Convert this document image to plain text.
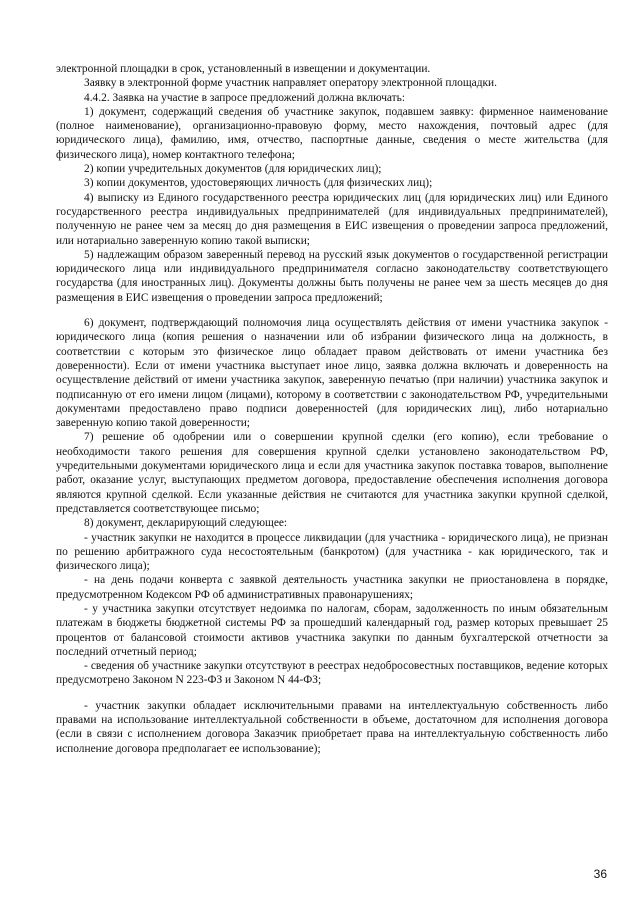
электронной площадки в срок, установленный в извещении и документации.

Заявку в электронной форме участник направляет оператору электронной площадки.

4.4.2. Заявка на участие в запросе предложений должна включать:

1) документ, содержащий сведения об участнике закупок, подавшем заявку: фирменное наименование (полное наименование), организационно-правовую форму, место нахождения, почтовый адрес (для юридического лица), фамилию, имя, отчество, паспортные данные, сведения о месте жительства (для физического лица), номер контактного телефона;

2) копии учредительных документов (для юридических лиц);

3) копии документов, удостоверяющих личность (для физических лиц);

4) выписку из Единого государственного реестра юридических лиц (для юридических лиц) или Единого государственного реестра индивидуальных предпринимателей (для индивидуальных предпринимателей), полученную не ранее чем за месяц до дня размещения в ЕИС извещения о проведении запроса предложений, или нотариально заверенную копию такой выписки;

5) надлежащим образом заверенный перевод на русский язык документов о государственной регистрации юридического лица или индивидуального предпринимателя согласно законодательству соответствующего государства (для иностранных лиц). Документы должны быть получены не ранее чем за шесть месяцев до дня размещения в ЕИС извещения о проведении запроса предложений;

6) документ, подтверждающий полномочия лица осуществлять действия от имени участника закупок - юридического лица (копия решения о назначении или об избрании физического лица на должность, в соответствии с которым это физическое лицо обладает правом действовать от имени участника без доверенности). Если от имени участника выступает иное лицо, заявка должна включать и доверенность на осуществление действий от имени участника закупок, заверенную печатью (при наличии) участника закупок и подписанную от его имени лицом (лицами), которому в соответствии с законодательством РФ, учредительными документами предоставлено право подписи доверенностей (для юридических лиц), либо нотариально заверенную копию такой доверенности;

7) решение об одобрении или о совершении крупной сделки (его копию), если требование о необходимости такого решения для совершения крупной сделки установлено законодательством РФ, учредительными документами юридического лица и если для участника закупок поставка товаров, выполнение работ, оказание услуг, выступающих предметом договора, предоставление обеспечения исполнения договора являются крупной сделкой. Если указанные действия не считаются для участника закупки крупной сделкой, представляется соответствующее письмо;

8) документ, декларирующий следующее:

- участник закупки не находится в процессе ликвидации (для участника - юридического лица), не признан по решению арбитражного суда несостоятельным (банкротом) (для участника - как юридического, так и физического лица);

- на день подачи конверта с заявкой деятельность участника закупки не приостановлена в порядке, предусмотренном Кодексом РФ об административных правонарушениях;

- у участника закупки отсутствует недоимка по налогам, сборам, задолженность по иным обязательным платежам в бюджеты бюджетной системы РФ за прошедший календарный год, размер которых превышает 25 процентов от балансовой стоимости активов участника закупки по данным бухгалтерской отчетности за последний отчетный период;

- сведения об участнике закупки отсутствуют в реестрах недобросовестных поставщиков, ведение которых предусмотрено Законом N 223-ФЗ и Законом N 44-ФЗ;

- участник закупки обладает исключительными правами на интеллектуальную собственность либо правами на использование интеллектуальной собственности в объеме, достаточном для исполнения договора (если в связи с исполнением договора Заказчик приобретает права на интеллектуальную собственность либо исполнение договора предполагает ее использование);

36
